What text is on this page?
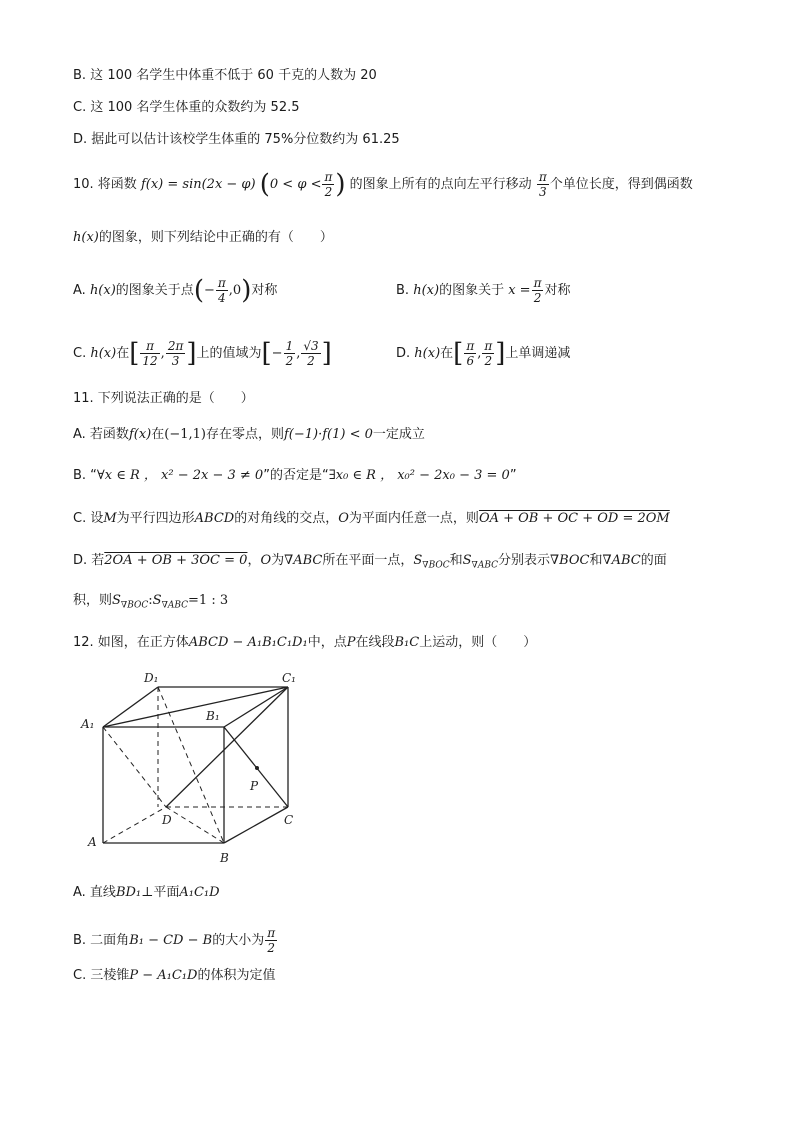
B. 这 100 名学生中体重不低于 60 千克的人数为 20
C. 这 100 名学生体重的众数约为 52.5
D. 据此可以估计该校学生体重的 75%分位数约为 61.25
10. 将函数 f(x) = sin(2x − φ) ($0 < \varphi < \frac{\pi}{2}$ ) 的图象上所有的点向左平行移动 $\frac{\pi}{3}$ 个单位长度，得到偶函数
h(x)的图象，则下列结论中正确的有（　　）
A. h(x)的图象关于点(− $\frac{\pi}{4} ,0$)对称	B. h(x)的图象关于 $x = \frac{\pi}{2}$ 对称
C. h(x)在[ $\frac{\pi}{12}$ , $\frac{2\pi}{3}$ ]上的值域为[− $\frac{1}{2}$ , $\frac{√3}{2}$ ]	D. h(x)在[ $\frac{\pi}{6}$ , $\frac{\pi}{2}$ ]上单调递减
11. 下列说法正确的是（　　）
A. 若函数f(x)在(−1,1)存在零点，则f(−1)·f(1) < 0一定成立
B. “∀x ∈ R ， x² − 2x − 3 ≠ 0”的否定是“∃x₀ ∈ R ， x₀² − 2x₀ − 3 = 0”
C. 设M为平行四边形ABCD的对角线的交点，O为平面内任意一点，则OA + OB + OC + OD = 2OM
D. 若2OA + OB + 3OC = 0，O为∇ABC所在平面一点，$S_{\nabla BOC}$和$S_{\nabla ABC}$分别表示∇BOC和∇ABC的面
积，则$S_{\nabla BOC}:S_{\nabla ABC}=1$ : 3
12. 如图，在正方体ABCD − A₁B₁C₁D₁中，点P在线段B₁C上运动，则（　　）
D₁	C₁
A₁
B₁
P
D	C
A
B
A. 直线BD₁⊥平面A₁C₁D
B. 二面角B₁ − CD − B的大小为 $\frac{\pi}{2}$
C. 三棱锥P − A₁C₁D的体积为定值
